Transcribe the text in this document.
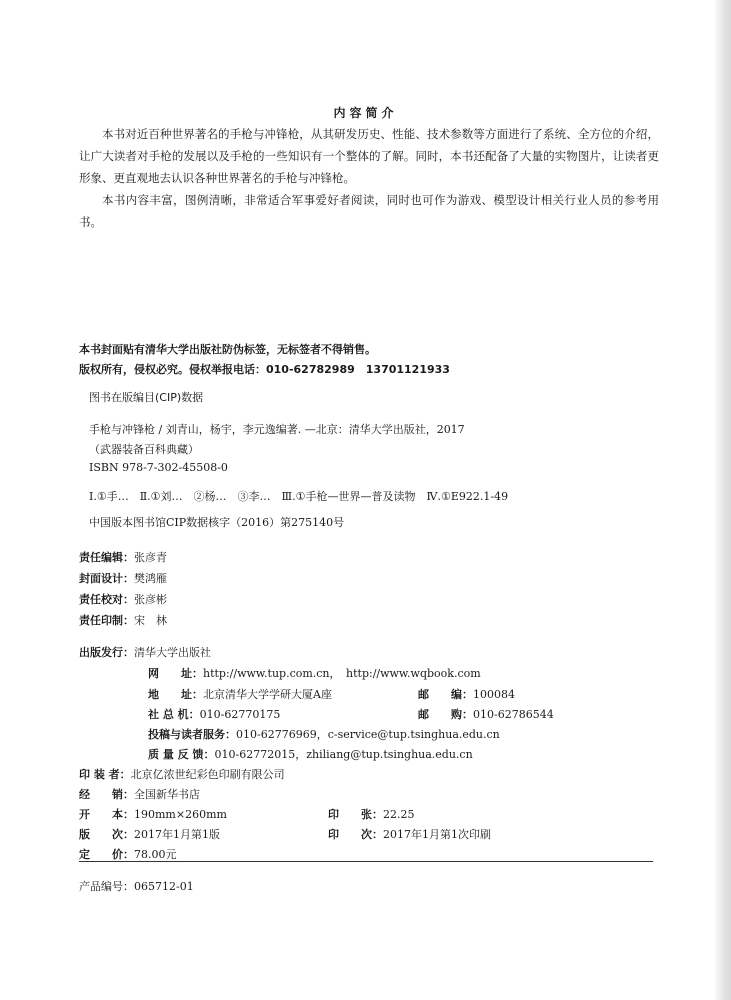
内容简介

本书对近百种世界著名的手枪与冲锋枪，从其研发历史、性能、技术参数等方面进行了系统、全方位的介绍，让广大读者对手枪的发展以及手枪的一些知识有一个整体的了解。同时，本书还配备了大量的实物图片，让读者更形象、更直观地去认识各种世界著名的手枪与冲锋枪。

本书内容丰富，图例清晰，非常适合军事爱好者阅读，同时也可作为游戏、模型设计相关行业人员的参考用书。

本书封面贴有清华大学出版社防伪标签，无标签者不得销售。
版权所有，侵权必究。侵权举报电话：010-62782989　13701121933
图书在版编目(CIP)数据
手枪与冲锋枪 / 刘青山，杨宇，李元逸编著. —北京：清华大学出版社，2017
（武器装备百科典藏）
ISBN 978-7-302-45508-0
Ⅰ.①手…　Ⅱ.①刘…　②杨…　③李…　Ⅲ.①手枪—世界—普及读物　Ⅳ.①E922.1-49
中国版本图书馆CIP数据核字（2016）第275140号
责任编辑：张彦青
封面设计：樊鸿雁
责任校对：张彦彬
责任印制：宋　林
出版发行：清华大学出版社
网　　址：http://www.tup.com.cn，　http://www.wqbook.com
地　　址：北京清华大学学研大厦A座	邮　　编：100084
社 总 机：010-62770175	邮　　购：010-62786544
投稿与读者服务：010-62776969，c-service@tup.tsinghua.edu.cn
质 量 反 馈：010-62772015，zhiliang@tup.tsinghua.edu.cn
印 装 者：北京亿浓世纪彩色印刷有限公司
经　　销：全国新华书店
开　　本：190mm×260mm	印　　张：22.25
版　　次：2017年1月第1版	印　　次：2017年1月第1次印刷
定　　价：78.00元
产品编号：065712-01
